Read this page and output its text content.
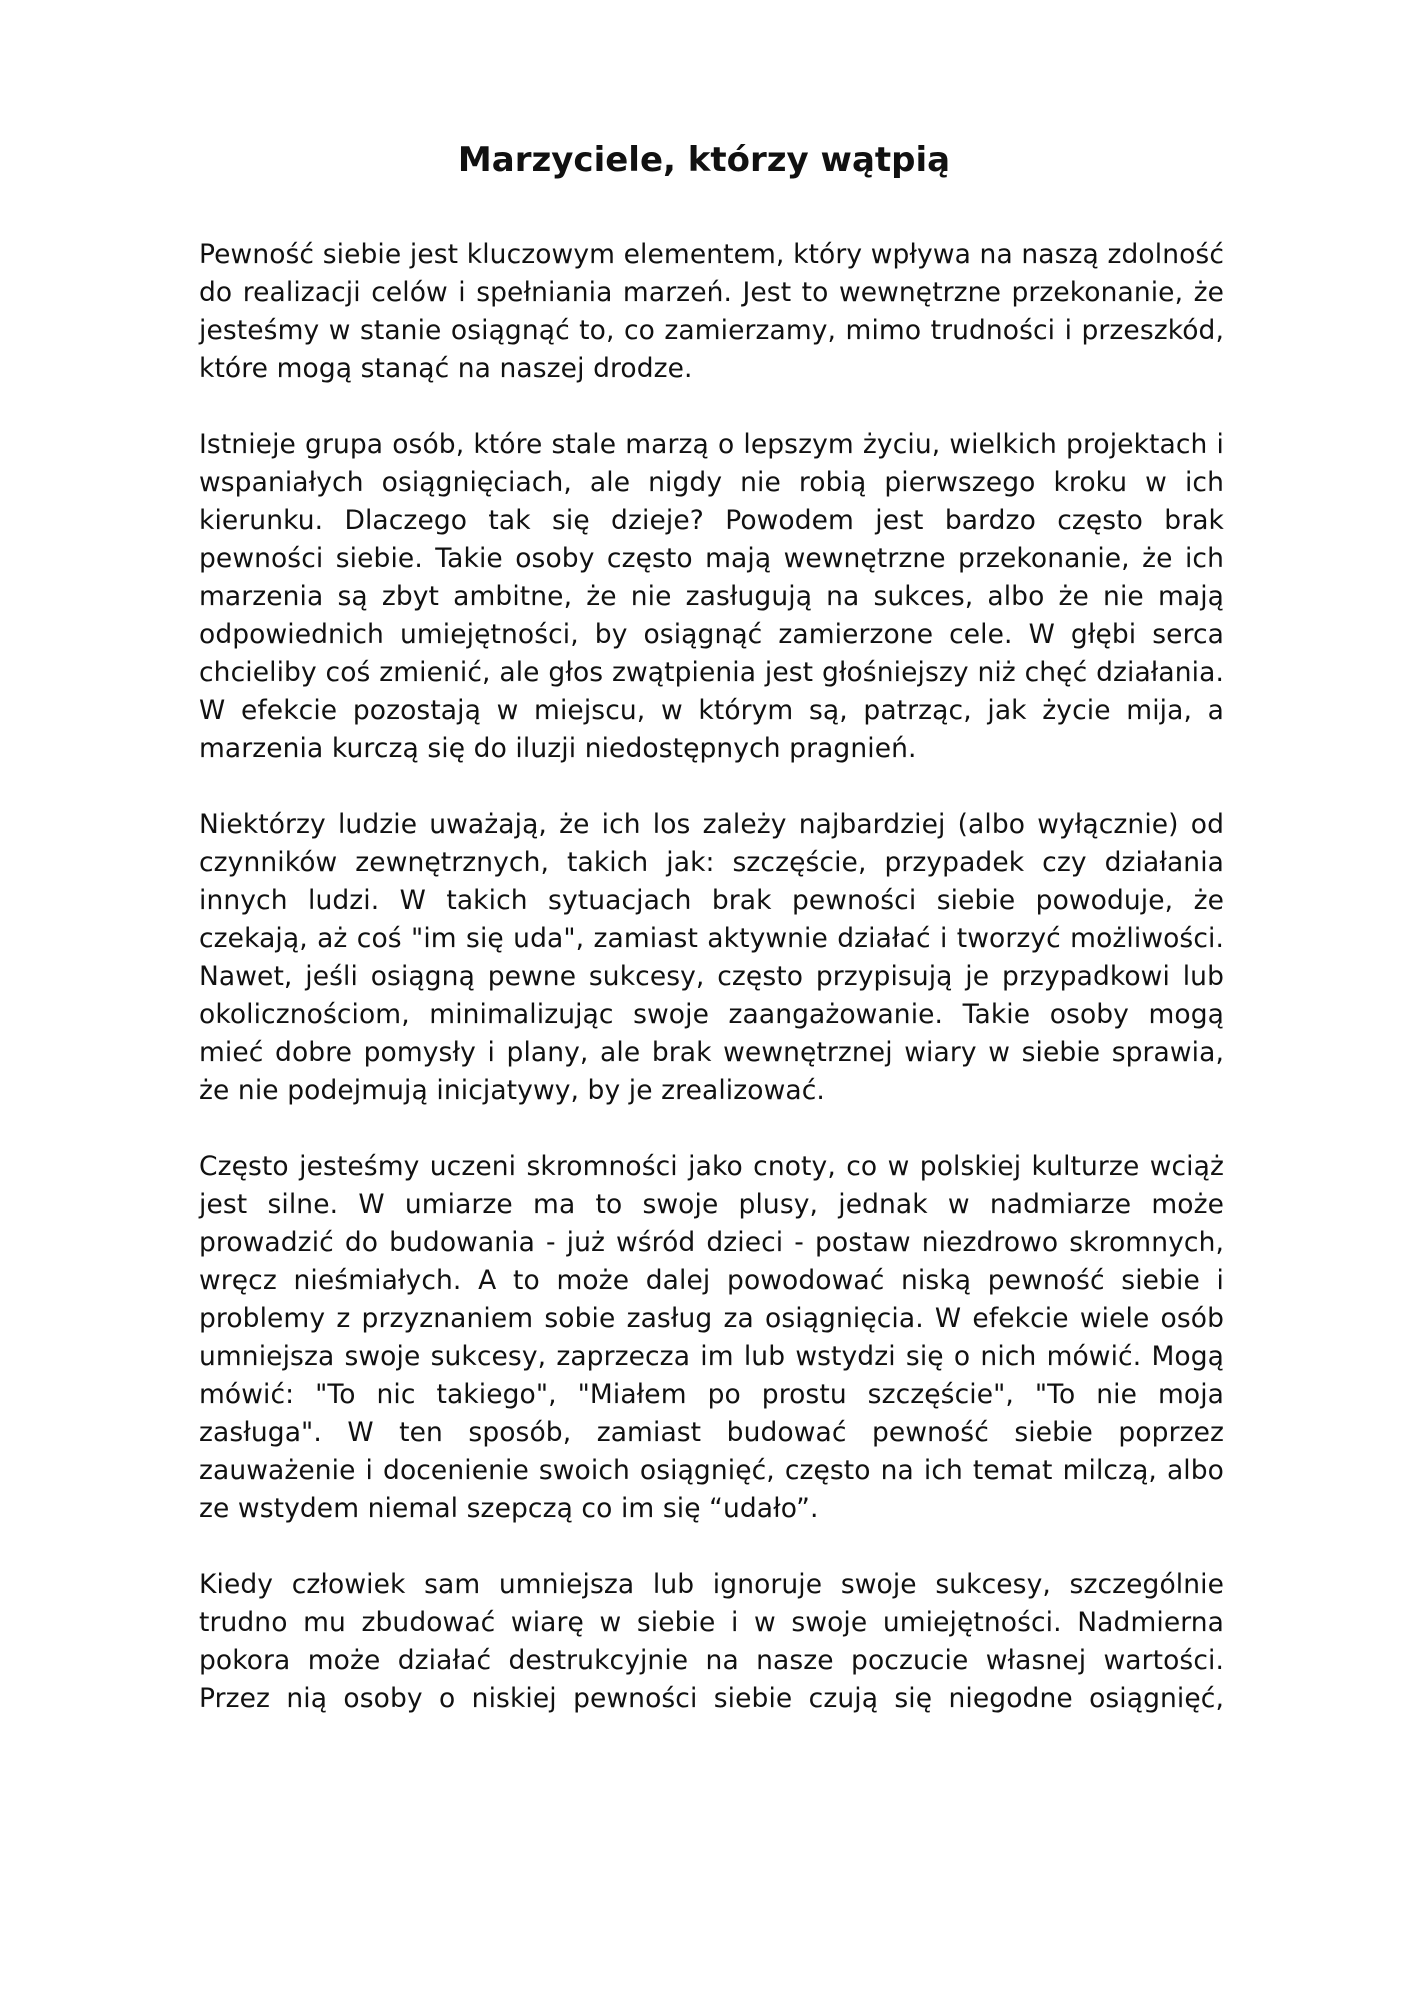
Marzyciele, którzy wątpią

Pewność siebie jest kluczowym elementem, który wpływa na naszą zdolność do realizacji celów i spełniania marzeń. Jest to wewnętrzne przekonanie, że jesteśmy w stanie osiągnąć to, co zamierzamy, mimo trudności i przeszkód, które mogą stanąć na naszej drodze.

Istnieje grupa osób, które stale marzą o lepszym życiu, wielkich projektach i wspaniałych osiągnięciach, ale nigdy nie robią pierwszego kroku w ich kierunku. Dlaczego tak się dzieje? Powodem jest bardzo często brak pewności siebie. Takie osoby często mają wewnętrzne przekonanie, że ich marzenia są zbyt ambitne, że nie zasługują na sukces, albo że nie mają odpowiednich umiejętności, by osiągnąć zamierzone cele. W głębi serca chcieliby coś zmienić, ale głos zwątpienia jest głośniejszy niż chęć działania. W efekcie pozostają w miejscu, w którym są, patrząc, jak życie mija, a marzenia kurczą się do iluzji niedostępnych pragnień.

Niektórzy ludzie uważają, że ich los zależy najbardziej (albo wyłącznie) od czynników zewnętrznych, takich jak: szczęście, przypadek czy działania innych ludzi. W takich sytuacjach brak pewności siebie powoduje, że czekają, aż coś "im się uda", zamiast aktywnie działać i tworzyć możliwości. Nawet, jeśli osiągną pewne sukcesy, często przypisują je przypadkowi lub okolicznościom, minimalizując swoje zaangażowanie. Takie osoby mogą mieć dobre pomysły i plany, ale brak wewnętrznej wiary w siebie sprawia, że nie podejmują inicjatywy, by je zrealizować.

Często jesteśmy uczeni skromności jako cnoty, co w polskiej kulturze wciąż jest silne. W umiarze ma to swoje plusy, jednak w nadmiarze może prowadzić do budowania - już wśród dzieci - postaw niezdrowo skromnych, wręcz nieśmiałych. A to może dalej powodować niską pewność siebie i problemy z przyznaniem sobie zasług za osiągnięcia. W efekcie wiele osób umniejsza swoje sukcesy, zaprzecza im lub wstydzi się o nich mówić. Mogą mówić: "To nic takiego", "Miałem po prostu szczęście", "To nie moja zasługa". W ten sposób, zamiast budować pewność siebie poprzez zauważenie i docenienie swoich osiągnięć, często na ich temat milczą, albo ze wstydem niemal szepczą co im się “udało”.

Kiedy człowiek sam umniejsza lub ignoruje swoje sukcesy, szczególnie trudno mu zbudować wiarę w siebie i w swoje umiejętności. Nadmierna pokora może działać destrukcyjnie na nasze poczucie własnej wartości. Przez nią osoby o niskiej pewności siebie czują się niegodne osiągnięć,
